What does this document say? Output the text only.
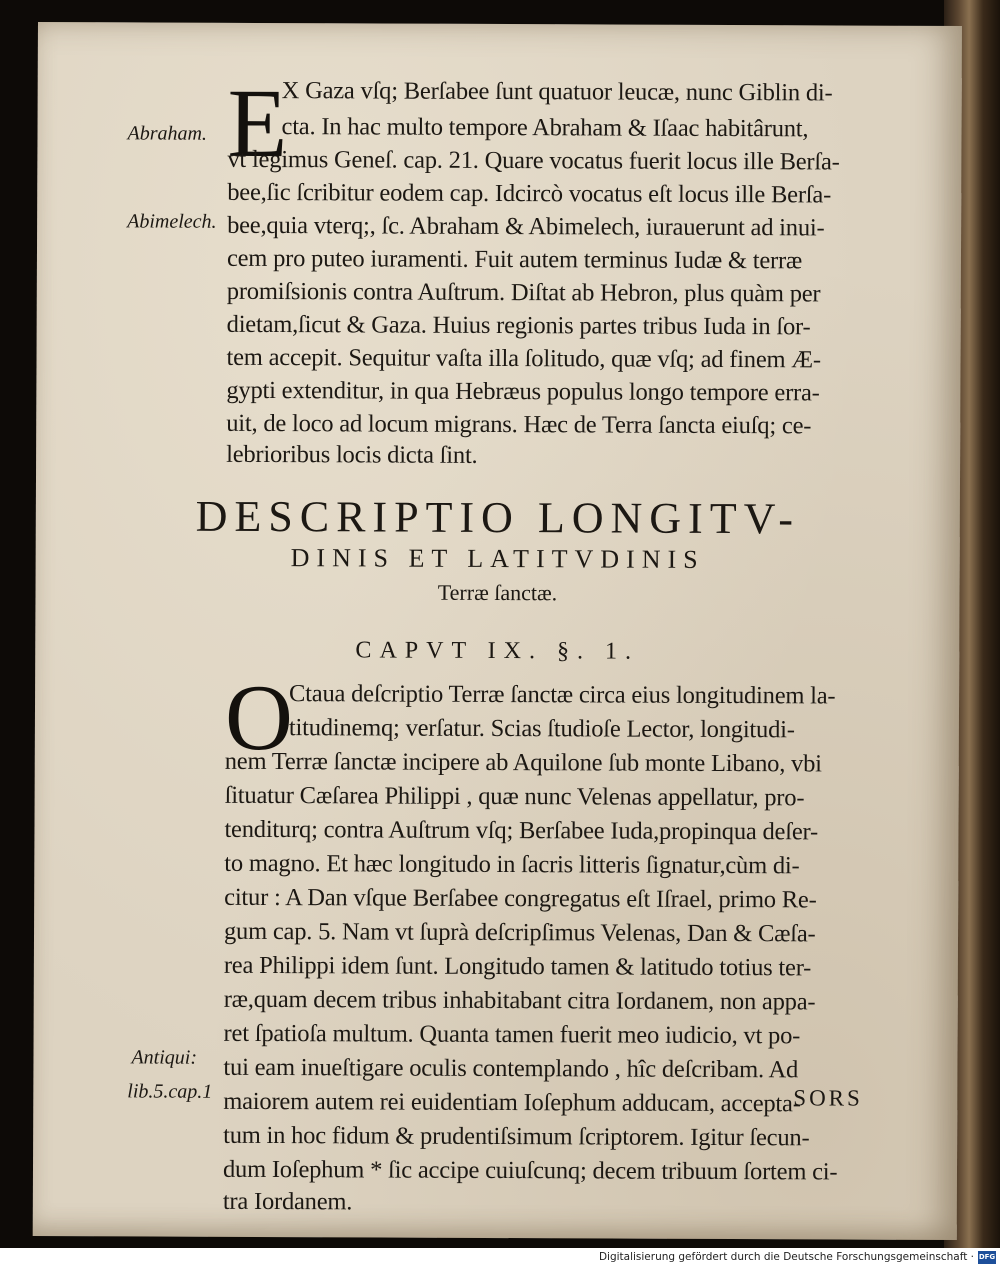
E
Abraham.
Abimelech.
X Gaza vſq; Berſabee ſunt quatuor leucæ, nunc Giblin di-
cta. In hac multo tempore Abraham & Iſaac habitârunt,
vt legimus Geneſ. cap. 21. Quare vocatus fuerit locus ille Berſa-
bee,ſic ſcribitur eodem cap. Idcircò vocatus eſt locus ille Berſa-
bee,quia vterq;, ſc. Abraham & Abimelech, iurauerunt ad inui-
cem pro puteo iuramenti. Fuit autem terminus Iudæ & terræ
promiſsionis contra Auſtrum. Diſtat ab Hebron, plus quàm per
dietam,ſicut & Gaza. Huius regionis partes tribus Iuda in ſor-
tem accepit. Sequitur vaſta illa ſolitudo, quæ vſq; ad finem Æ-
gypti extenditur, in qua Hebræus populus longo tempore erra-
uit, de loco ad locum migrans. Hæc de Terra ſancta eiuſq; ce-
lebrioribus locis dicta ſint.
DESCRIPTIO LONGITV-
DINIS ET LATITVDINIS
Terræ ſanctæ.
CAPVT IX. §. 1.
O
Ctaua deſcriptio Terræ ſanctæ circa eius longitudinem la-
titudinemq; verſatur. Scias ſtudioſe Lector, longitudi-
nem Terræ ſanctæ incipere ab Aquilone ſub monte Libano, vbi
ſituatur Cæſarea Philippi , quæ nunc Velenas appellatur, pro-
tenditurq; contra Auſtrum vſq; Berſabee Iuda,propinqua deſer-
to magno. Et hæc longitudo in ſacris litteris ſignatur,cùm di-
citur : A Dan vſque Berſabee congregatus eſt Iſrael, primo Re-
gum cap. 5. Nam vt ſuprà deſcripſimus Velenas, Dan & Cæſa-
rea Philippi idem ſunt. Longitudo tamen & latitudo totius ter-
ræ,quam decem tribus inhabitabant citra Iordanem, non appa-
ret ſpatioſa multum. Quanta tamen fuerit meo iudicio, vt po-
tui eam inueſtigare oculis contemplando , hîc deſcribam. Ad
maiorem autem rei euidentiam Ioſephum adducam, accepta-
tum in hoc fidum & prudentiſsimum ſcriptorem. Igitur ſecun-
dum Ioſephum * ſic accipe cuiuſcunq; decem tribuum ſortem ci-
tra Iordanem.
Antiqui:
lib.5.cap.1	SORS
Digitalisierung gefördert durch die Deutsche Forschungsgemeinschaft · DFG
